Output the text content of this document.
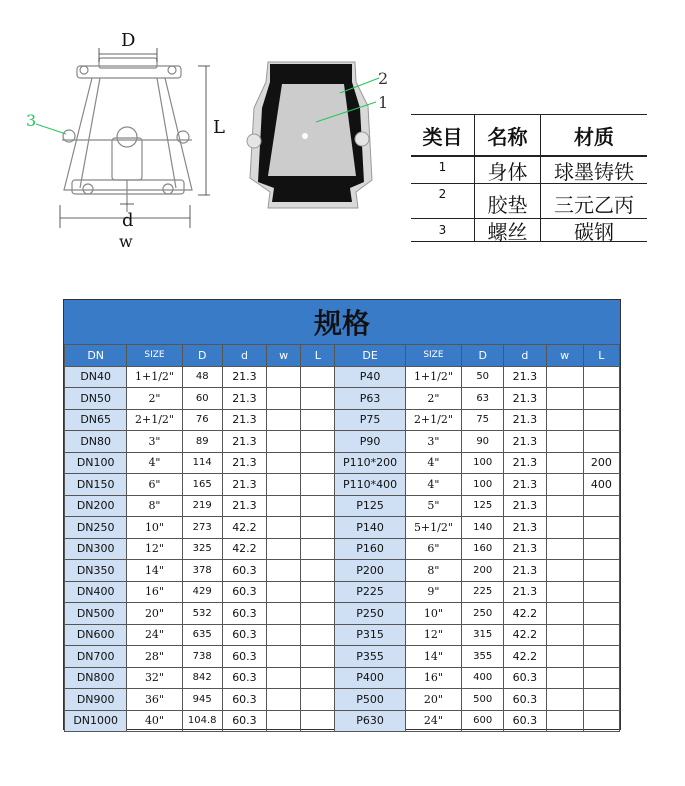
D
L
d
w
3
2
1
类目	名称	材质
1	身体	球墨铸铁
2	胶垫	三元乙丙
3	螺丝	碳钢
规格
DN	SIZE	D	d	w	L	DE	SIZE	D	d	w	L
DN40	1+1/2"	48	21.3			P40	1+1/2"	50	21.3		
DN50	2"	60	21.3			P63	2"	63	21.3		
DN65	2+1/2"	76	21.3			P75	2+1/2"	75	21.3		
DN80	3"	89	21.3			P90	3"	90	21.3		
DN100	4"	114	21.3			P110*200	4"	100	21.3		200
DN150	6"	165	21.3			P110*400	4"	100	21.3		400
DN200	8"	219	21.3			P125	5"	125	21.3		
DN250	10"	273	42.2			P140	5+1/2"	140	21.3		
DN300	12"	325	42.2			P160	6"	160	21.3		
DN350	14"	378	60.3			P200	8"	200	21.3		
DN400	16"	429	60.3			P225	9"	225	21.3		
DN500	20"	532	60.3			P250	10"	250	42.2		
DN600	24"	635	60.3			P315	12"	315	42.2		
DN700	28"	738	60.3			P355	14"	355	42.2		
DN800	32"	842	60.3			P400	16"	400	60.3		
DN900	36"	945	60.3			P500	20"	500	60.3		
DN1000	40"	104.8	60.3			P630	24"	600	60.3		
